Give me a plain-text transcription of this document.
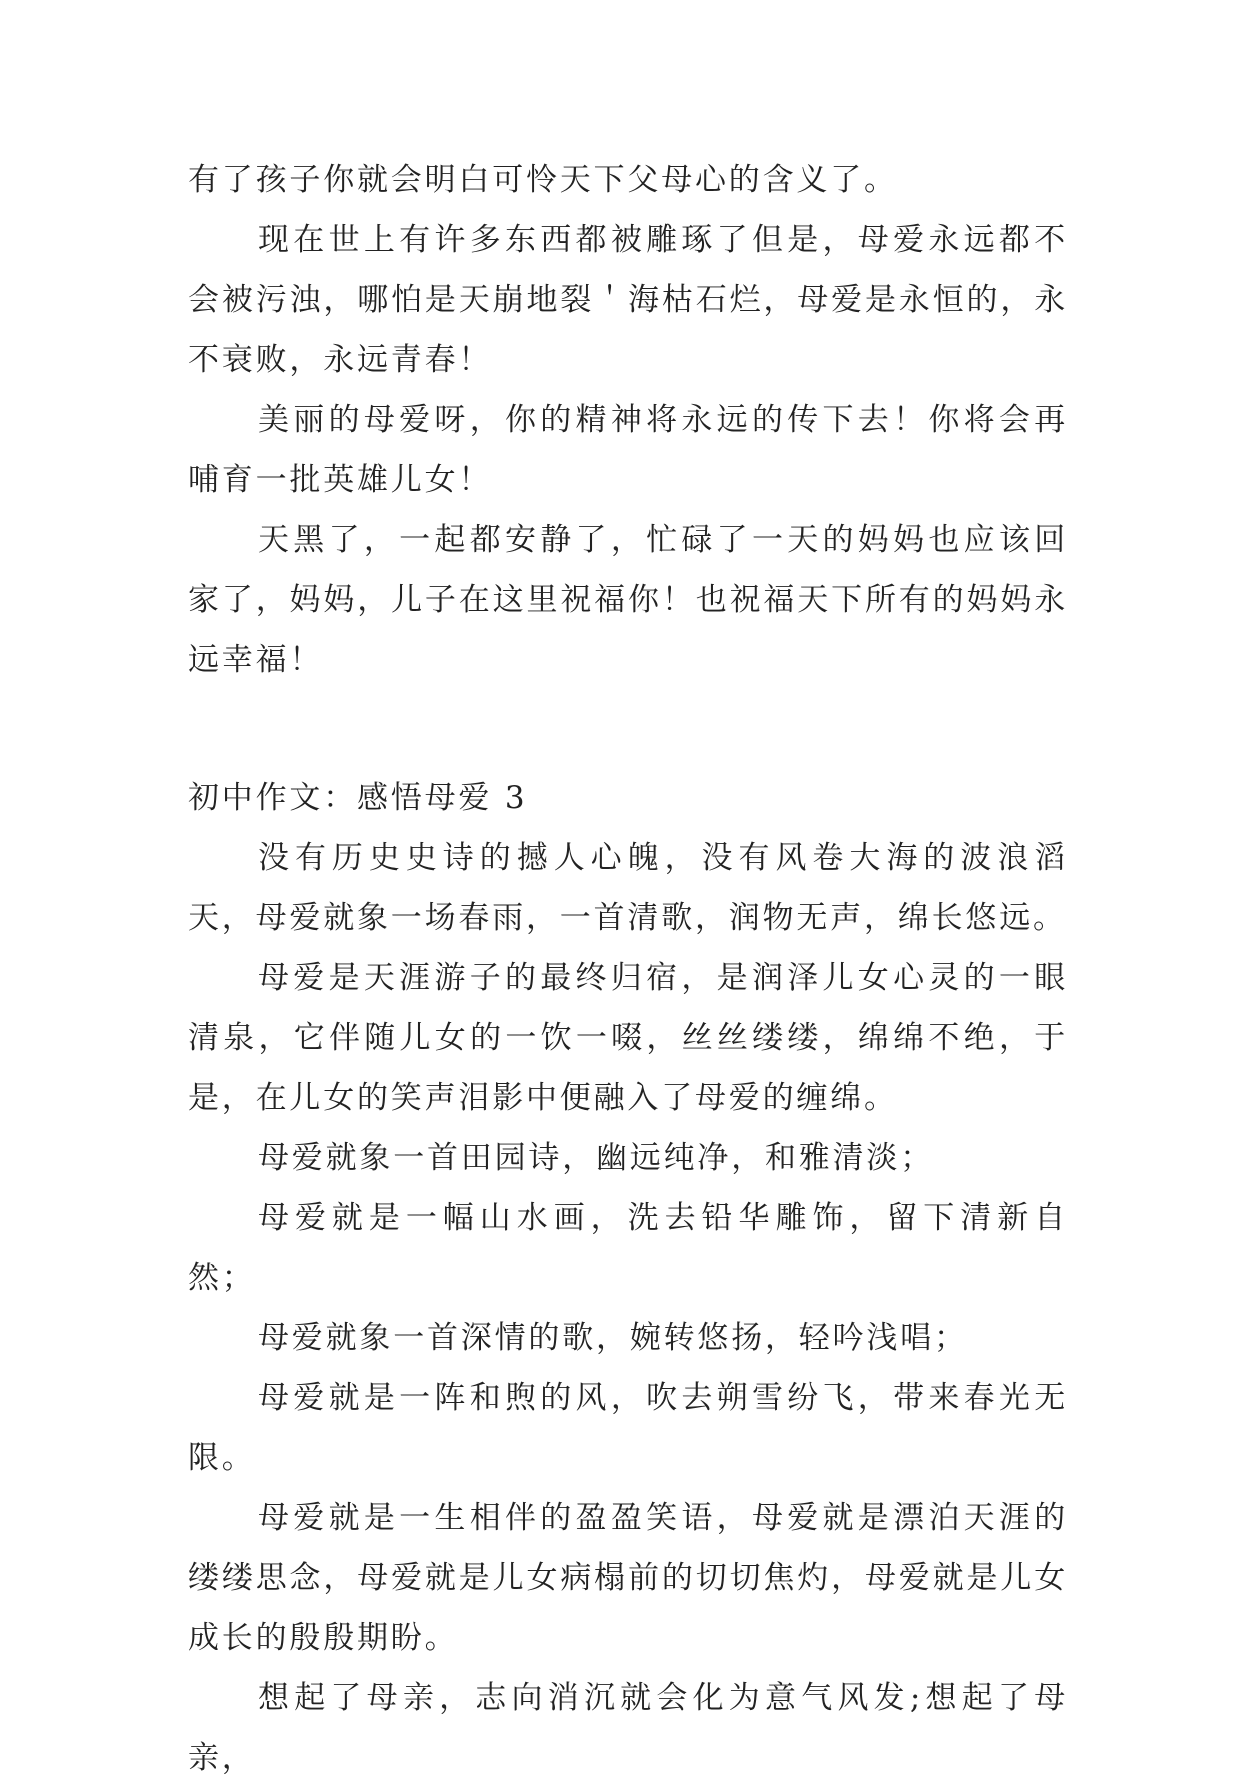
有了孩子你就会明白可怜天下父母心的含义了。

现在世上有许多东西都被雕琢了但是，母爱永远都不会被污浊，哪怕是天崩地裂＇海枯石烂，母爱是永恒的，永不衰败，永远青春！

美丽的母爱呀，你的精神将永远的传下去！你将会再哺育一批英雄儿女！

天黑了，一起都安静了，忙碌了一天的妈妈也应该回家了，妈妈，儿子在这里祝福你！也祝福天下所有的妈妈永远幸福！

初中作文：感悟母爱 3

没有历史史诗的撼人心魄，没有风卷大海的波浪滔天，母爱就象一场春雨，一首清歌，润物无声，绵长悠远。

母爱是天涯游子的最终归宿，是润泽儿女心灵的一眼清泉，它伴随儿女的一饮一啜，丝丝缕缕，绵绵不绝，于是，在儿女的笑声泪影中便融入了母爱的缠绵。

母爱就象一首田园诗，幽远纯净，和雅清淡；

母爱就是一幅山水画，洗去铅华雕饰，留下清新自然；

母爱就象一首深情的歌，婉转悠扬，轻吟浅唱；

母爱就是一阵和煦的风，吹去朔雪纷飞，带来春光无限。

母爱就是一生相伴的盈盈笑语，母爱就是漂泊天涯的缕缕思念，母爱就是儿女病榻前的切切焦灼，母爱就是儿女成长的殷殷期盼。

想起了母亲，志向消沉就会化为意气风发;想起了母亲，
